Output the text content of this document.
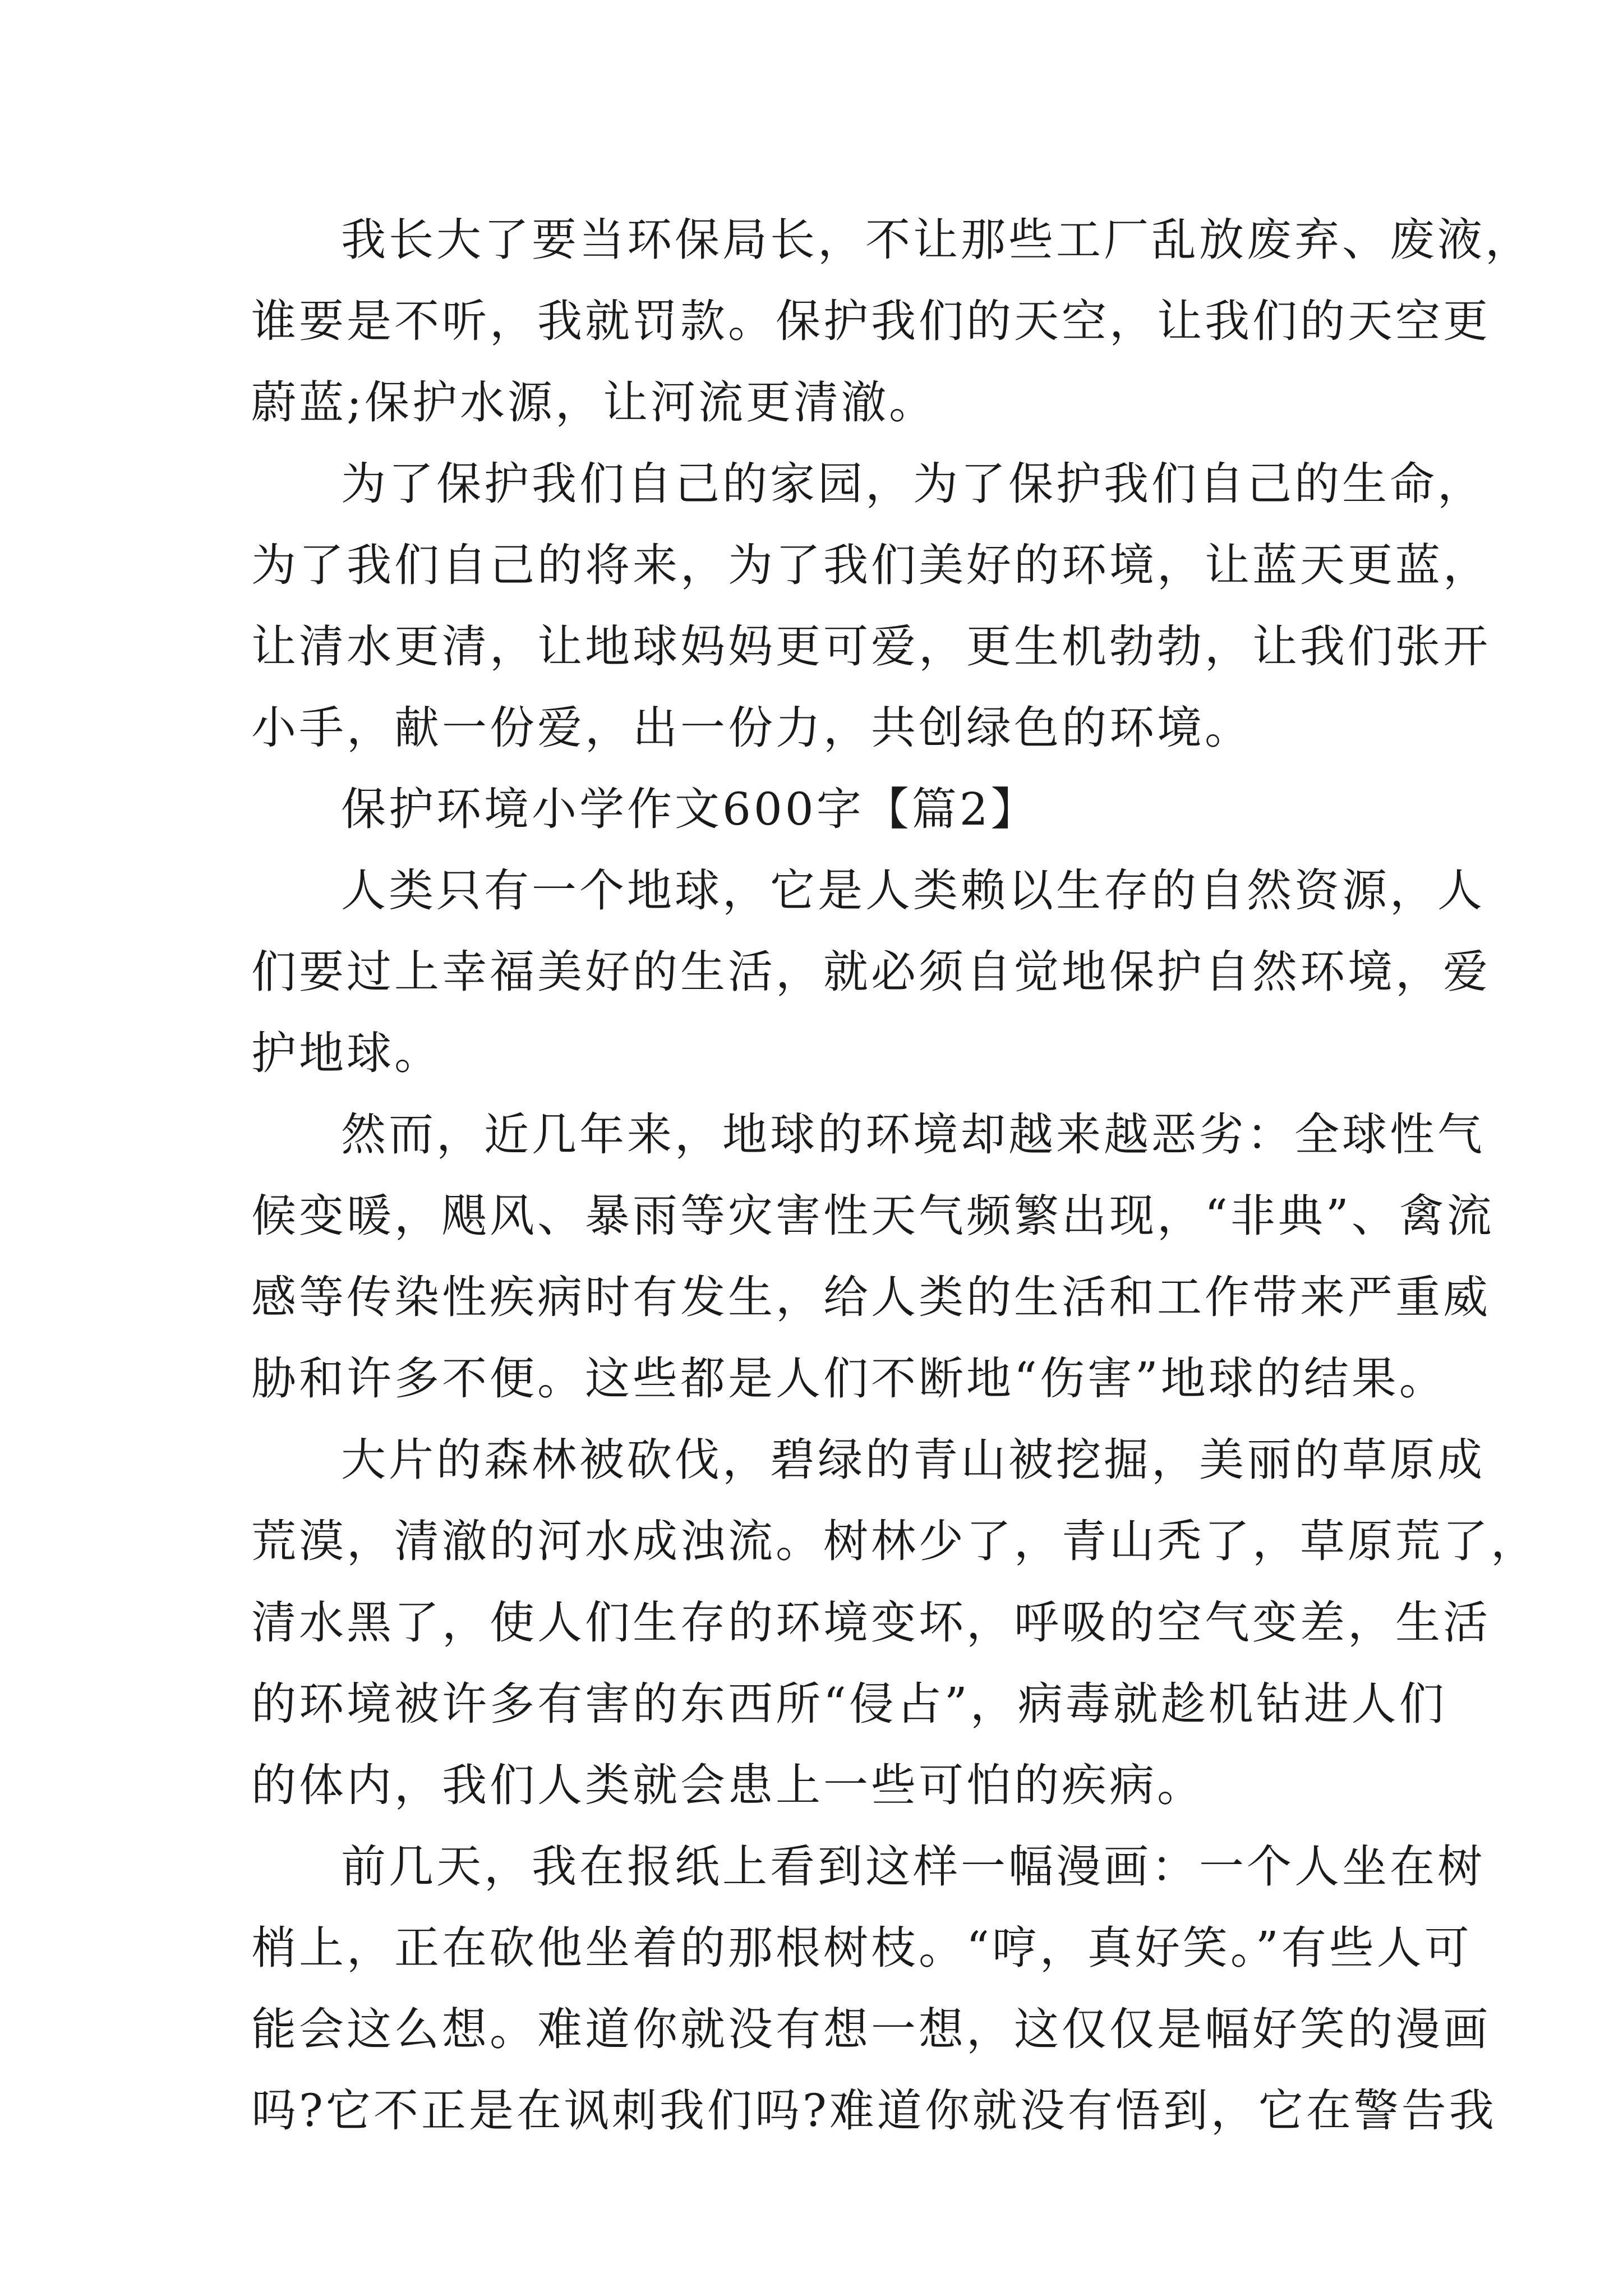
我长大了要当环保局长，不让那些工厂乱放废弃、废液，
谁要是不听，我就罚款。保护我们的天空，让我们的天空更
蔚蓝;保护水源，让河流更清澈。
为了保护我们自己的家园，为了保护我们自己的生命，
为了我们自己的将来，为了我们美好的环境，让蓝天更蓝，
让清水更清，让地球妈妈更可爱，更生机勃勃，让我们张开
小手，献一份爱，出一份力，共创绿色的环境。
保护环境小学作文600字【篇2】
人类只有一个地球，它是人类赖以生存的自然资源，人
们要过上幸福美好的生活，就必须自觉地保护自然环境，爱
护地球。
然而，近几年来，地球的环境却越来越恶劣：全球性气
候变暖，飓风、暴雨等灾害性天气频繁出现，“非典”、禽流
感等传染性疾病时有发生，给人类的生活和工作带来严重威
胁和许多不便。这些都是人们不断地“伤害”地球的结果。
大片的森林被砍伐，碧绿的青山被挖掘，美丽的草原成
荒漠，清澈的河水成浊流。树林少了，青山秃了，草原荒了，
清水黑了，使人们生存的环境变坏，呼吸的空气变差，生活
的环境被许多有害的东西所“侵占”，病毒就趁机钻进人们
的体内，我们人类就会患上一些可怕的疾病。
前几天，我在报纸上看到这样一幅漫画：一个人坐在树
梢上，正在砍他坐着的那根树枝。“哼，真好笑。”有些人可
能会这么想。难道你就没有想一想，这仅仅是幅好笑的漫画
吗?它不正是在讽刺我们吗?难道你就没有悟到，它在警告我
